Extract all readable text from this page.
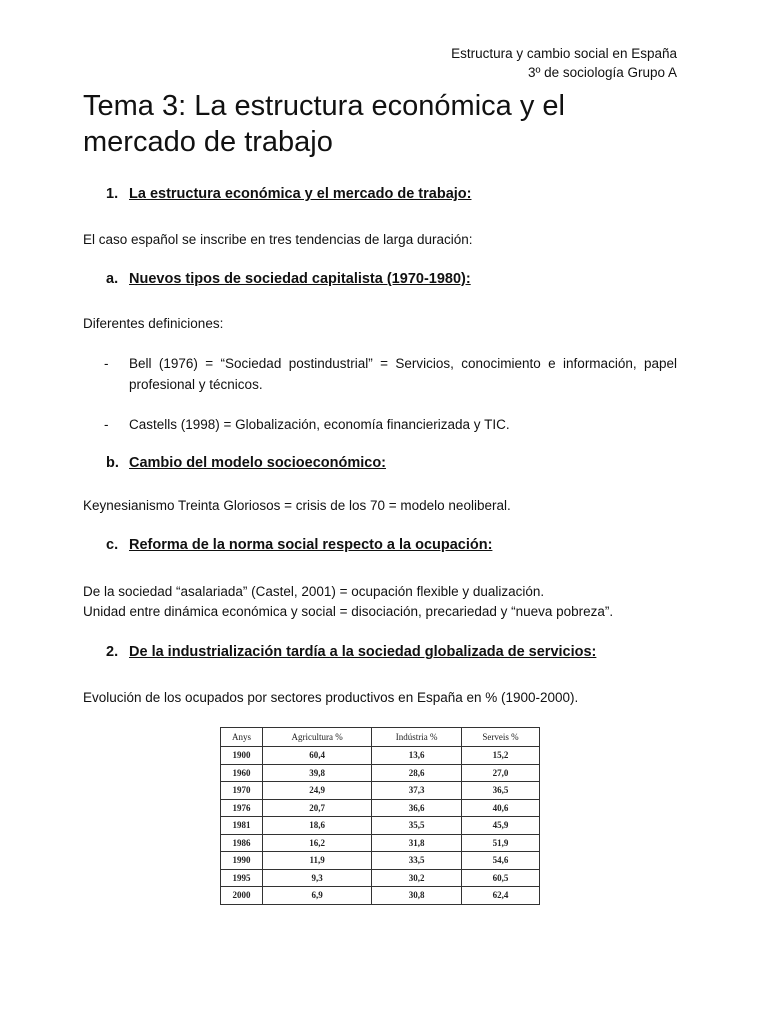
Estructura y cambio social en España
3º de sociología Grupo A
Tema 3: La estructura económica y el mercado de trabajo
1. La estructura económica y el mercado de trabajo:
El caso español se inscribe en tres tendencias de larga duración:
a. Nuevos tipos de sociedad capitalista (1970-1980):
Diferentes definiciones:
- Bell (1976) = “Sociedad postindustrial” = Servicios, conocimiento e información, papel profesional y técnicos.
- Castells (1998) = Globalización, economía financierizada y TIC.
b. Cambio del modelo socioeconómico:
Keynesianismo Treinta Gloriosos = crisis de los 70 = modelo neoliberal.
c. Reforma de la norma social respecto a la ocupación:
De la sociedad “asalariada” (Castel, 2001) = ocupación flexible y dualización.
Unidad entre dinámica económica y social = disociación, precariedad y “nueva pobreza”.
2. De la industrialización tardía a la sociedad globalizada de servicios:
Evolución de los ocupados por sectores productivos en España en % (1900-2000).
Anys	Agricultura %	Indústria %	Serveis %
1900	60,4	13,6	15,2
1960	39,8	28,6	27,0
1970	24,9	37,3	36,5
1976	20,7	36,6	40,6
1981	18,6	35,5	45,9
1986	16,2	31,8	51,9
1990	11,9	33,5	54,6
1995	9,3	30,2	60,5
2000	6,9	30,8	62,4
